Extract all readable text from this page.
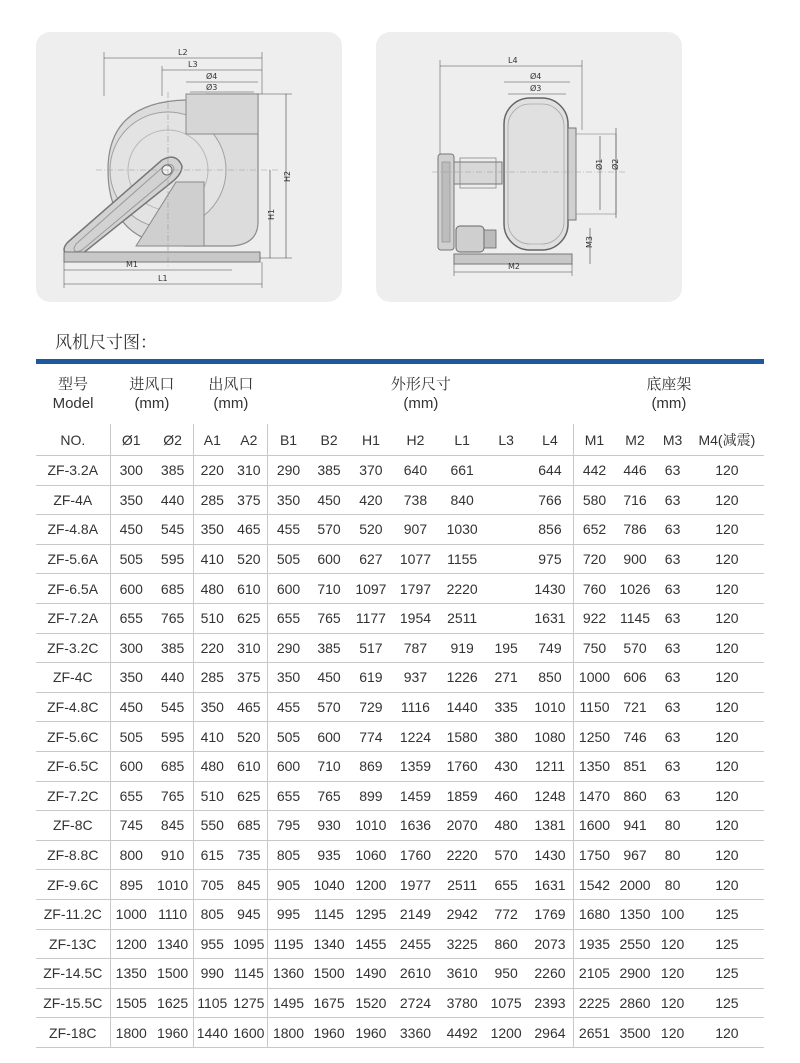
L2
L3
Ø4
Ø3
H2
H1
M1
L1
L4
Ø4
Ø3
Ø1 Ø2
M3
M2
风机尺寸图：
型号
Model	进风口
(mm)		出风口
(mm)		外形尺寸
(mm)							底座架
(mm)			

NO.	Ø1	Ø2	A1	A2	B1	B2	H1	H2	L1	L3	L4	M1	M2	M3	M4(减震)
ZF-3.2A	300	385	220	310	290	385	370	640	661		644	442	446	63	120
ZF-4A	350	440	285	375	350	450	420	738	840		766	580	716	63	120
ZF-4.8A	450	545	350	465	455	570	520	907	1030		856	652	786	63	120
ZF-5.6A	505	595	410	520	505	600	627	1077	1155		975	720	900	63	120
ZF-6.5A	600	685	480	610	600	710	1097	1797	2220		1430	760	1026	63	120
ZF-7.2A	655	765	510	625	655	765	1177	1954	2511		1631	922	1145	63	120
ZF-3.2C	300	385	220	310	290	385	517	787	919	195	749	750	570	63	120
ZF-4C	350	440	285	375	350	450	619	937	1226	271	850	1000	606	63	120
ZF-4.8C	450	545	350	465	455	570	729	1116	1440	335	1010	1150	721	63	120
ZF-5.6C	505	595	410	520	505	600	774	1224	1580	380	1080	1250	746	63	120
ZF-6.5C	600	685	480	610	600	710	869	1359	1760	430	1211	1350	851	63	120
ZF-7.2C	655	765	510	625	655	765	899	1459	1859	460	1248	1470	860	63	120
ZF-8C	745	845	550	685	795	930	1010	1636	2070	480	1381	1600	941	80	120
ZF-8.8C	800	910	615	735	805	935	1060	1760	2220	570	1430	1750	967	80	120
ZF-9.6C	895	1010	705	845	905	1040	1200	1977	2511	655	1631	1542	2000	80	120
ZF-11.2C	1000	1110	805	945	995	1145	1295	2149	2942	772	1769	1680	1350	100	125
ZF-13C	1200	1340	955	1095	1195	1340	1455	2455	3225	860	2073	1935	2550	120	125
ZF-14.5C	1350	1500	990	1145	1360	1500	1490	2610	3610	950	2260	2105	2900	120	125
ZF-15.5C	1505	1625	1105	1275	1495	1675	1520	2724	3780	1075	2393	2225	2860	120	125
ZF-18C	1800	1960	1440	1600	1800	1960	1960	3360	4492	1200	2964	2651	3500	120	120
